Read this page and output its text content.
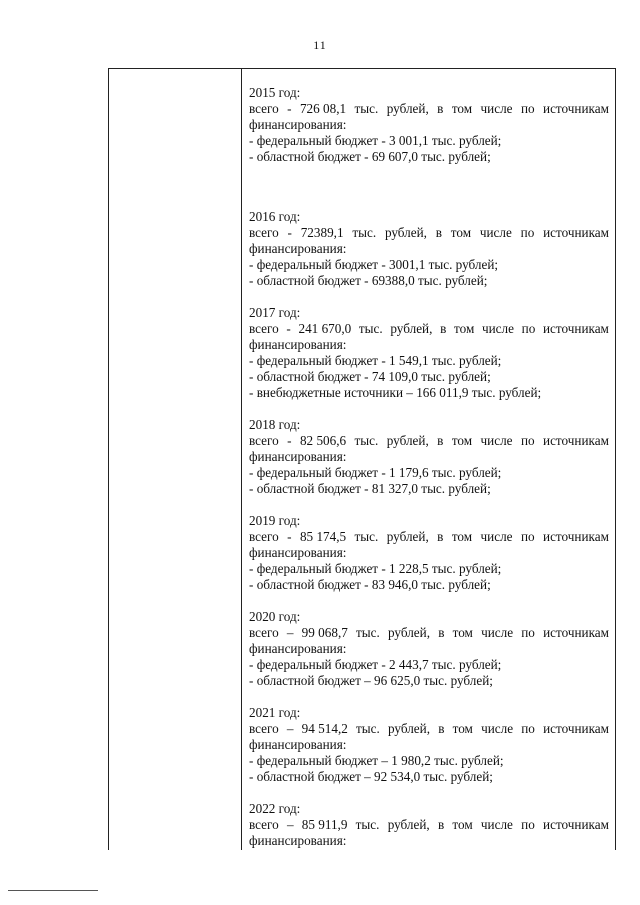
11
2015 год:
всего - 726 08,1 тыс. рублей, в том числе по источникам
финансирования:
- федеральный бюджет - 3 001,1 тыс. рублей;
- областной бюджет - 69 607,0 тыс. рублей;
2016 год:
всего - 72389,1 тыс. рублей, в том числе по источникам
финансирования:
- федеральный бюджет - 3001,1 тыс. рублей;
- областной бюджет - 69388,0 тыс. рублей;
2017 год:
всего - 241 670,0 тыс. рублей, в том числе по источникам
финансирования:
- федеральный бюджет - 1 549,1 тыс. рублей;
- областной бюджет - 74 109,0 тыс. рублей;
- внебюджетные источники – 166 011,9 тыс. рублей;
2018 год:
всего - 82 506,6 тыс. рублей, в том числе по источникам
финансирования:
- федеральный бюджет - 1 179,6 тыс. рублей;
- областной бюджет - 81 327,0 тыс. рублей;
2019 год:
всего - 85 174,5 тыс. рублей, в том числе по источникам
финансирования:
- федеральный бюджет - 1 228,5 тыс. рублей;
- областной бюджет - 83 946,0 тыс. рублей;
2020 год:
всего – 99 068,7 тыс. рублей, в том числе по источникам
финансирования:
- федеральный бюджет - 2 443,7 тыс. рублей;
- областной бюджет – 96 625,0 тыс. рублей;
2021 год:
всего – 94 514,2 тыс. рублей, в том числе по источникам
финансирования:
- федеральный бюджет – 1 980,2 тыс. рублей;
- областной бюджет – 92 534,0 тыс. рублей;
2022 год:
всего – 85 911,9 тыс. рублей, в том числе по источникам
финансирования:
